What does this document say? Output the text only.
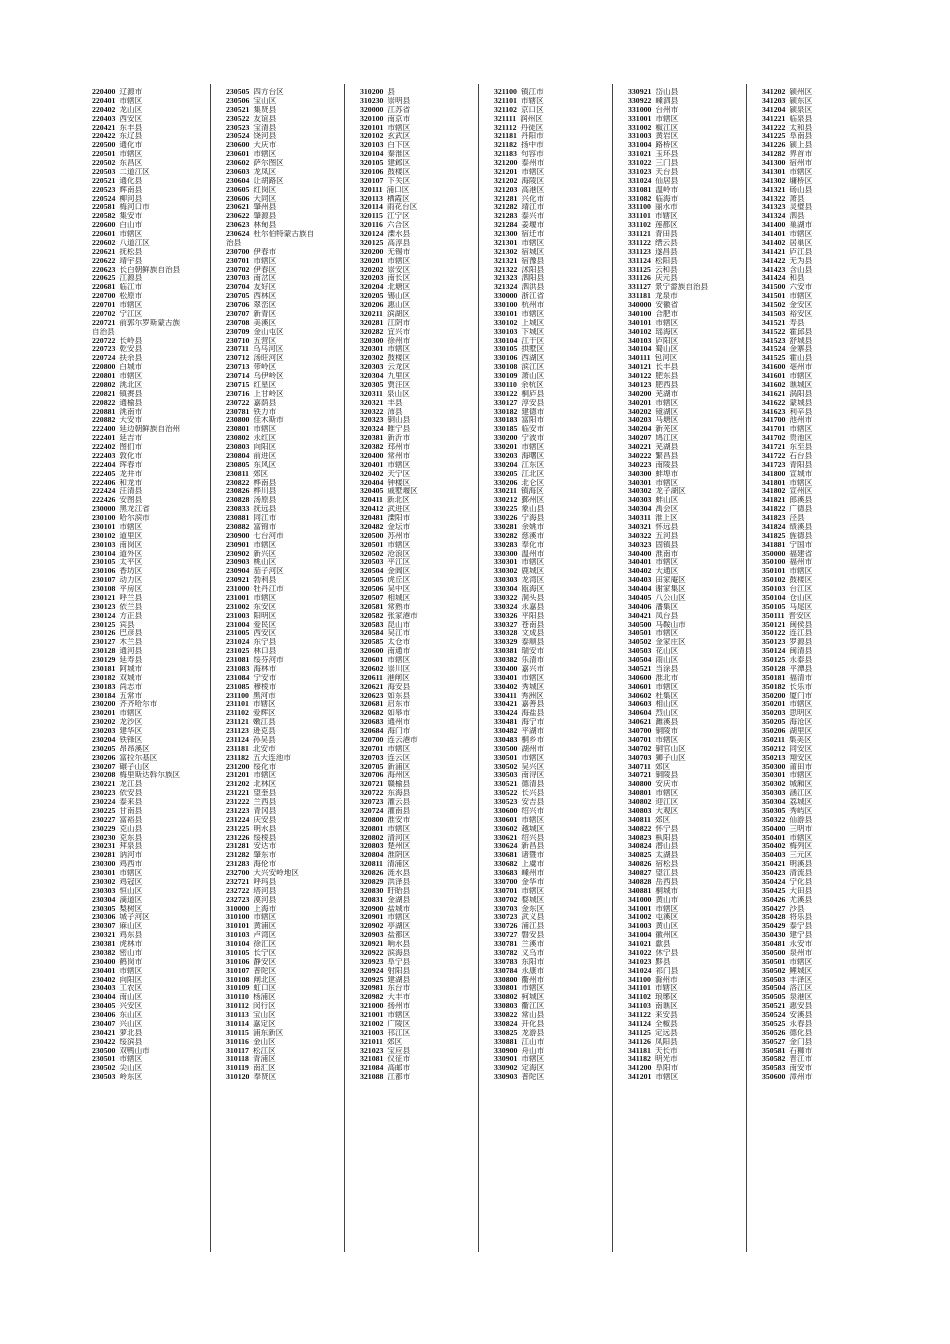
220400 辽源市
220401 市辖区
220402 龙山区
220403 西安区
220421 东丰县
220422 东辽县
220500 通化市
220501 市辖区
220502 东昌区
220503 二道江区
220521 通化县
220523 辉南县
220524 柳河县
220581 梅河口市
220582 集安市
220600 白山市
220601 市辖区
220602 八道江区
220621 抚松县
220622 靖宇县
220623 长白朝鲜族自治县
220625 江源县
220681 临江市
220700 松原市
220701 市辖区
220702 宁江区
220721 前郭尔罗斯蒙古族
自治县
220722 长岭县
220723 乾安县
220724 扶余县
220800 白城市
220801 市辖区
220802 洮北区
220821 镇赉县
220822 通榆县
220881 洮南市
220882 大安市
222400 延边朝鲜族自治州
222401 延吉市
222402 图们市
222403 敦化市
222404 珲春市
222405 龙井市
222406 和龙市
222424 汪清县
222426 安图县
230000 黑龙江省
230100 哈尔滨市
230101 市辖区
230102 道里区
230103 南岗区
230104 道外区
230105 太平区
230106 香坊区
230107 动力区
230108 平房区
230121 呼兰县
230123 依兰县
230124 方正县
230125 宾县
230126 巴彦县
230127 木兰县
230128 通河县
230129 延寿县
230181 阿城市
230182 双城市
230183 尚志市
230184 五常市
230200 齐齐哈尔市
230201 市辖区
230202 龙沙区
230203 建华区
230204 铁锋区
230205 昂昂溪区
230206 富拉尔基区
230207 碾子山区
230208 梅里斯达斡尔族区
230221 龙江县
230223 依安县
230224 泰来县
230225 甘南县
230227 富裕县
230229 克山县
230230 克东县
230231 拜泉县
230281 讷河市
230300 鸡西市
230301 市辖区
230302 鸡冠区
230303 恒山区
230304 滴道区
230305 梨树区
230306 城子河区
230307 麻山区
230321 鸡东县
230381 虎林市
230382 密山市
230400 鹤岗市
230401 市辖区
230402 向阳区
230403 工农区
230404 南山区
230405 兴安区
230406 东山区
230407 兴山区
230421 萝北县
230422 绥滨县
230500 双鸭山市
230501 市辖区
230502 尖山区
230503 岭东区
230505 四方台区
230506 宝山区
230521 集贤县
230522 友谊县
230523 宝清县
230524 饶河县
230600 大庆市
230601 市辖区
230602 萨尔图区
230603 龙凤区
230604 让胡路区
230605 红岗区
230606 大同区
230621 肇州县
230622 肇源县
230623 林甸县
230624 杜尔伯特蒙古族自
治县
230700 伊春市
230701 市辖区
230702 伊春区
230703 南岔区
230704 友好区
230705 西林区
230706 翠峦区
230707 新青区
230708 美溪区
230709 金山屯区
230710 五营区
230711 乌马河区
230712 汤旺河区
230713 带岭区
230714 乌伊岭区
230715 红星区
230716 上甘岭区
230722 嘉荫县
230781 铁力市
230800 佳木斯市
230801 市辖区
230802 永红区
230803 向阳区
230804 前进区
230805 东风区
230811 郊区
230822 桦南县
230826 桦川县
230828 汤原县
230833 抚远县
230881 同江市
230882 富锦市
230900 七台河市
230901 市辖区
230902 新兴区
230903 桃山区
230904 茄子河区
230921 勃利县
231000 牡丹江市
231001 市辖区
231002 东安区
231003 阳明区
231004 爱民区
231005 西安区
231024 东宁县
231025 林口县
231081 绥芬河市
231083 海林市
231084 宁安市
231085 穆棱市
231100 黑河市
231101 市辖区
231102 爱辉区
231121 嫩江县
231123 逊克县
231124 孙吴县
231181 北安市
231182 五大连池市
231200 绥化市
231201 市辖区
231202 北林区
231221 望奎县
231222 兰西县
231223 青冈县
231224 庆安县
231225 明水县
231226 绥棱县
231281 安达市
231282 肇东市
231283 海伦市
232700 大兴安岭地区
232721 呼玛县
232722 塔河县
232723 漠河县
310000 上海市
310100 市辖区
310101 黄浦区
310103 卢湾区
310104 徐汇区
310105 长宁区
310106 静安区
310107 普陀区
310108 闸北区
310109 虹口区
310110 杨浦区
310112 闵行区
310113 宝山区
310114 嘉定区
310115 浦东新区
310116 金山区
310117 松江区
310118 青浦区
310119 南汇区
310120 奉贤区
310200 县
310230 崇明县
320000 江苏省
320100 南京市
320101 市辖区
320102 玄武区
320103 白下区
320104 秦淮区
320105 建邺区
320106 鼓楼区
320107 下关区
320111 浦口区
320113 栖霞区
320114 雨花台区
320115 江宁区
320116 六合区
320124 溧水县
320125 高淳县
320200 无锡市
320201 市辖区
320202 崇安区
320203 南长区
320204 北塘区
320205 锡山区
320206 惠山区
320211 滨湖区
320281 江阴市
320282 宜兴市
320300 徐州市
320301 市辖区
320302 鼓楼区
320303 云龙区
320304 九里区
320305 贾汪区
320311 泉山区
320321 丰县
320322 沛县
320323 铜山县
320324 睢宁县
320381 新沂市
320382 邳州市
320400 常州市
320401 市辖区
320402 天宁区
320404 钟楼区
320405 戚墅堰区
320411 新北区
320412 武进区
320481 溧阳市
320482 金坛市
320500 苏州市
320501 市辖区
320502 沧浪区
320503 平江区
320504 金阊区
320505 虎丘区
320506 吴中区
320507 相城区
320581 常熟市
320582 张家港市
320583 昆山市
320584 吴江市
320585 太仓市
320600 南通市
320601 市辖区
320602 崇川区
320611 港闸区
320621 海安县
320623 如东县
320681 启东市
320682 如皋市
320683 通州市
320684 海门市
320700 连云港市
320701 市辖区
320703 连云区
320705 新浦区
320706 海州区
320721 赣榆县
320722 东海县
320723 灌云县
320724 灌南县
320800 淮安市
320801 市辖区
320802 清河区
320803 楚州区
320804 淮阴区
320811 清浦区
320826 涟水县
320829 洪泽县
320830 盱眙县
320831 金湖县
320900 盐城市
320901 市辖区
320902 亭湖区
320903 盐都区
320921 响水县
320922 滨海县
320923 阜宁县
320924 射阳县
320925 建湖县
320981 东台市
320982 大丰市
321000 扬州市
321001 市辖区
321002 广陵区
321003 邗江区
321011 郊区
321023 宝应县
321081 仪征市
321084 高邮市
321088 江都市
321100 镇江市
321101 市辖区
321102 京口区
321111 润州区
321112 丹徒区
321181 丹阳市
321182 扬中市
321183 句容市
321200 泰州市
321201 市辖区
321202 海陵区
321203 高港区
321281 兴化市
321282 靖江市
321283 泰兴市
321284 姜堰市
321300 宿迁市
321301 市辖区
321302 宿城区
321321 宿豫县
321322 沭阳县
321323 泗阳县
321324 泗洪县
330000 浙江省
330100 杭州市
330101 市辖区
330102 上城区
330103 下城区
330104 江干区
330105 拱墅区
330106 西湖区
330108 滨江区
330109 萧山区
330110 余杭区
330122 桐庐县
330127 淳安县
330182 建德市
330183 富阳市
330185 临安市
330200 宁波市
330201 市辖区
330203 海曙区
330204 江东区
330205 江北区
330206 北仑区
330211 镇海区
330212 鄞州区
330225 象山县
330226 宁海县
330281 余姚市
330282 慈溪市
330283 奉化市
330300 温州市
330301 市辖区
330302 鹿城区
330303 龙湾区
330304 瓯海区
330322 洞头县
330324 永嘉县
330326 平阳县
330327 苍南县
330328 文成县
330329 泰顺县
330381 瑞安市
330382 乐清市
330400 嘉兴市
330401 市辖区
330402 秀城区
330411 秀洲区
330421 嘉善县
330424 海盐县
330481 海宁市
330482 平湖市
330483 桐乡市
330500 湖州市
330501 市辖区
330502 吴兴区
330503 南浔区
330521 德清县
330522 长兴县
330523 安吉县
330600 绍兴市
330601 市辖区
330602 越城区
330621 绍兴县
330624 新昌县
330681 诸暨市
330682 上虞市
330683 嵊州市
330700 金华市
330701 市辖区
330702 婺城区
330703 金东区
330723 武义县
330726 浦江县
330727 磐安县
330781 兰溪市
330782 义乌市
330783 东阳市
330784 永康市
330800 衢州市
330801 市辖区
330802 柯城区
330803 衢江区
330822 常山县
330824 开化县
330825 龙游县
330881 江山市
330900 舟山市
330901 市辖区
330902 定海区
330903 普陀区
330921 岱山县
330922 嵊泗县
331000 台州市
331001 市辖区
331002 椒江区
331003 黄岩区
331004 路桥区
331021 玉环县
331022 三门县
331023 天台县
331024 仙居县
331081 温岭市
331082 临海市
331100 丽水市
331101 市辖区
331102 莲都区
331121 青田县
331122 缙云县
331123 遂昌县
331124 松阳县
331125 云和县
331126 庆元县
331127 景宁畲族自治县
331181 龙泉市
340000 安徽省
340100 合肥市
340101 市辖区
340102 瑶海区
340103 庐阳区
340104 蜀山区
340111 包河区
340121 长丰县
340122 肥东县
340123 肥西县
340200 芜湖市
340201 市辖区
340202 镜湖区
340203 马塘区
340204 新芜区
340207 鸠江区
340221 芜湖县
340222 繁昌县
340223 南陵县
340300 蚌埠市
340301 市辖区
340302 龙子湖区
340303 蚌山区
340304 禹会区
340311 淮上区
340321 怀远县
340322 五河县
340323 固镇县
340400 淮南市
340401 市辖区
340402 大通区
340403 田家庵区
340404 谢家集区
340405 八公山区
340406 潘集区
340421 凤台县
340500 马鞍山市
340501 市辖区
340502 金家庄区
340503 花山区
340504 雨山区
340521 当涂县
340600 淮北市
340601 市辖区
340602 杜集区
340603 相山区
340604 烈山区
340621 濉溪县
340700 铜陵市
340701 市辖区
340702 铜官山区
340703 狮子山区
340711 郊区
340721 铜陵县
340800 安庆市
340801 市辖区
340802 迎江区
340803 大观区
340811 郊区
340822 怀宁县
340823 枞阳县
340824 潜山县
340825 太湖县
340826 宿松县
340827 望江县
340828 岳西县
340881 桐城市
341000 黄山市
341001 市辖区
341002 屯溪区
341003 黄山区
341004 徽州区
341021 歙县
341022 休宁县
341023 黟县
341024 祁门县
341100 滁州市
341101 市辖区
341102 琅琊区
341103 南谯区
341122 来安县
341124 全椒县
341125 定远县
341126 凤阳县
341181 天长市
341182 明光市
341200 阜阳市
341201 市辖区
341202 颍州区
341203 颍东区
341204 颍泉区
341221 临泉县
341222 太和县
341225 阜南县
341226 颍上县
341282 界首市
341300 宿州市
341301 市辖区
341302 墉桥区
341321 砀山县
341322 萧县
341323 灵璧县
341324 泗县
341400 巢湖市
341401 市辖区
341402 居巢区
341421 庐江县
341422 无为县
341423 含山县
341424 和县
341500 六安市
341501 市辖区
341502 金安区
341503 裕安区
341521 寿县
341522 霍邱县
341523 舒城县
341524 金寨县
341525 霍山县
341600 亳州市
341601 市辖区
341602 谯城区
341621 涡阳县
341622 蒙城县
341623 利辛县
341700 池州市
341701 市辖区
341702 贵池区
341721 东至县
341722 石台县
341723 青阳县
341800 宣城市
341801 市辖区
341802 宣州区
341821 郎溪县
341822 广德县
341823 泾县
341824 绩溪县
341825 旌德县
341881 宁国市
350000 福建省
350100 福州市
350101 市辖区
350102 鼓楼区
350103 台江区
350104 仓山区
350105 马尾区
350111 晋安区
350121 闽侯县
350122 连江县
350123 罗源县
350124 闽清县
350125 永泰县
350128 平潭县
350181 福清市
350182 长乐市
350200 厦门市
350201 市辖区
350203 思明区
350205 海沧区
350206 湖里区
350211 集美区
350212 同安区
350213 翔安区
350300 莆田市
350301 市辖区
350302 城厢区
350303 涵江区
350304 荔城区
350305 秀屿区
350322 仙游县
350400 三明市
350401 市辖区
350402 梅列区
350403 三元区
350421 明溪县
350423 清流县
350424 宁化县
350425 大田县
350426 尤溪县
350427 沙县
350428 将乐县
350429 泰宁县
350430 建宁县
350481 永安市
350500 泉州市
350501 市辖区
350502 鲤城区
350503 丰泽区
350504 洛江区
350505 泉港区
350521 惠安县
350524 安溪县
350525 永春县
350526 德化县
350527 金门县
350581 石狮市
350582 晋江市
350583 南安市
350600 漳州市
